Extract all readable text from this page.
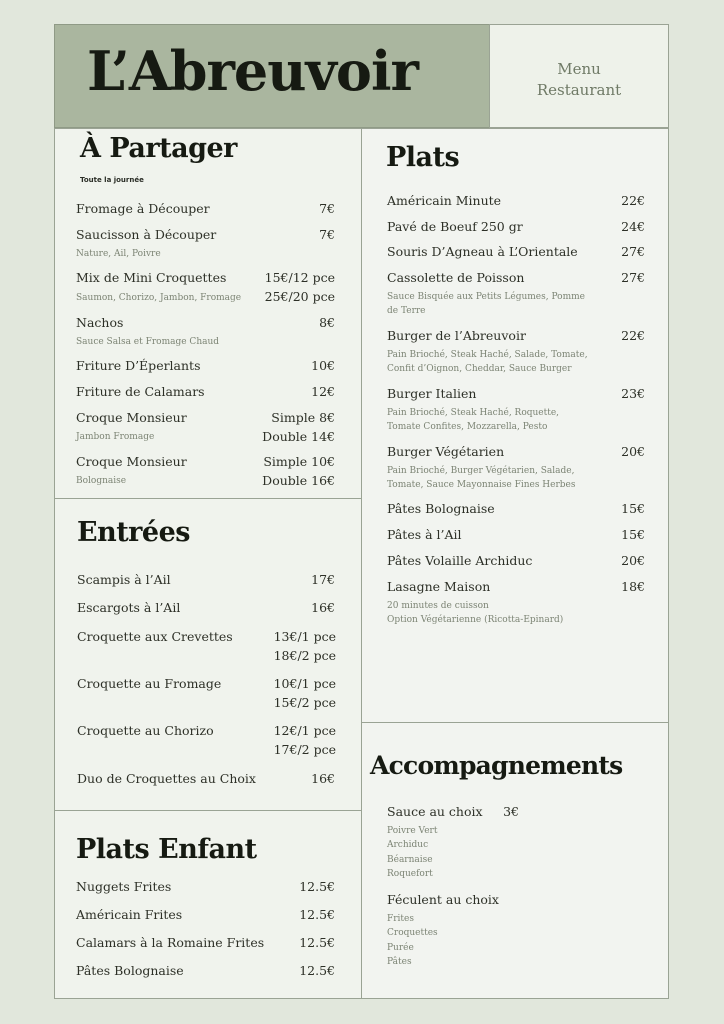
L’Abreuvoir	Menu
Restaurant
À Partager
Toute la journée
Fromage à Découper	7€
Saucisson à Découper	7€
Nature, Ail, Poivre
Mix de Mini Croquettes	15€/12 pce
25€/20 pce
Saumon, Chorizo, Jambon, Fromage
Nachos	8€
Sauce Salsa et Fromage Chaud
Friture D’Éperlants	10€
Friture de Calamars	12€
Croque Monsieur	Simple 8€
Double 14€
Jambon Fromage
Croque Monsieur	Simple 10€
Double 16€
Bolognaise
Entrées
Scampis à l’Ail	17€
Escargots à l’Ail	16€
Croquette aux Crevettes	13€/1 pce
18€/2 pce
Croquette au Fromage	10€/1 pce
15€/2 pce
Croquette au Chorizo	12€/1 pce
17€/2 pce
Duo de Croquettes au Choix	16€
Plats Enfant
Nuggets Frites	12.5€
Américain Frites	12.5€
Calamars à la Romaine Frites	12.5€
Pâtes Bolognaise	12.5€
Plats
Américain Minute	22€
Pavé de Boeuf 250 gr	24€
Souris D’Agneau à L’Orientale	27€
Cassolette de Poisson	27€
Sauce Bisquée aux Petits Légumes, Pomme
de Terre
Burger de l’Abreuvoir	22€
Pain Brioché, Steak Haché, Salade, Tomate,
Confit d’Oignon, Cheddar, Sauce Burger
Burger Italien	23€
Pain Brioché, Steak Haché, Roquette,
Tomate Confites, Mozzarella, Pesto
Burger Végétarien	20€
Pain Brioché, Burger Végétarien, Salade,
Tomate, Sauce Mayonnaise Fines Herbes
Pâtes Bolognaise	15€
Pâtes à l’Ail	15€
Pâtes Volaille Archiduc	20€
Lasagne Maison	18€
20 minutes de cuisson
Option Végétarienne (Ricotta-Epinard)
Accompagnements
Sauce au choix 3€
Poivre Vert
Archiduc
Béarnaise
Roquefort
Féculent au choix
Frites
Croquettes
Purée
Pâtes
